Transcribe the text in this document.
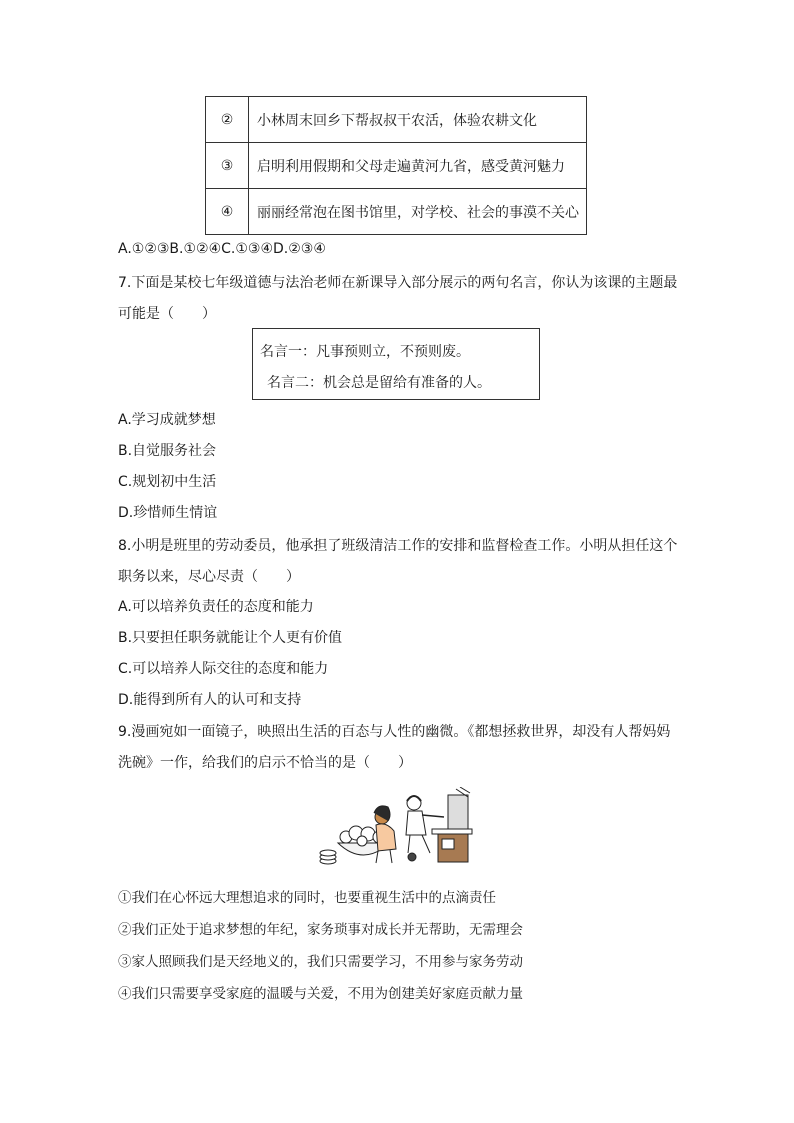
②	小林周末回乡下帮叔叔干农活，体验农耕文化
③	启明利用假期和父母走遍黄河九省，感受黄河魅力
④	丽丽经常泡在图书馆里，对学校、社会的事漠不关心
A.①②③B.①②④C.①③④D.②③④
7.下面是某校七年级道德与法治老师在新课导入部分展示的两句名言，你认为该课的主题最
可能是（　　）
名言一：凡事预则立，不预则废。
名言二：机会总是留给有准备的人。
A.学习成就梦想
B.自觉服务社会
C.规划初中生活
D.珍惜师生情谊
8.小明是班里的劳动委员，他承担了班级清洁工作的安排和监督检查工作。小明从担任这个
职务以来，尽心尽责（　　）
A.可以培养负责任的态度和能力
B.只要担任职务就能让个人更有价值
C.可以培养人际交往的态度和能力
D.能得到所有人的认可和支持
9.漫画宛如一面镜子，映照出生活的百态与人性的幽微。《都想拯救世界，却没有人帮妈妈
洗碗》一作，给我们的启示不恰当的是（　　）
①我们在心怀远大理想追求的同时，也要重视生活中的点滴责任
②我们正处于追求梦想的年纪，家务琐事对成长并无帮助，无需理会
③家人照顾我们是天经地义的，我们只需要学习，不用参与家务劳动
④我们只需要享受家庭的温暖与关爱，不用为创建美好家庭贡献力量
